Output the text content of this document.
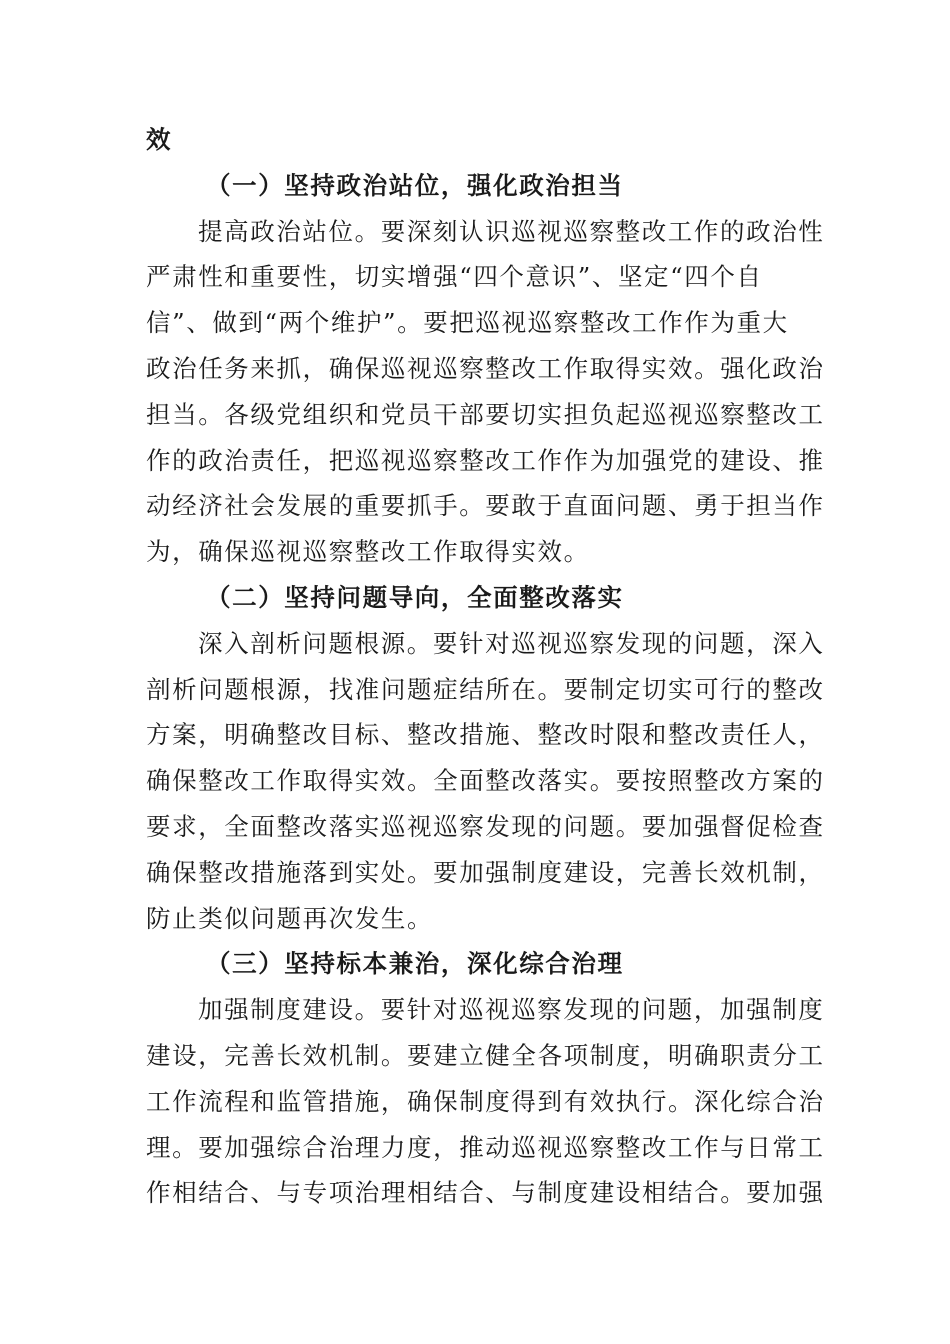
效
（一）坚持政治站位，强化政治担当
提高政治站位。要深刻认识巡视巡察整改工作的政治性
严肃性和重要性，切实增强“四个意识”、坚定“四个自
信”、做到“两个维护”。要把巡视巡察整改工作作为重大
政治任务来抓，确保巡视巡察整改工作取得实效。强化政治
担当。各级党组织和党员干部要切实担负起巡视巡察整改工
作的政治责任，把巡视巡察整改工作作为加强党的建设、推
动经济社会发展的重要抓手。要敢于直面问题、勇于担当作
为，确保巡视巡察整改工作取得实效。
（二）坚持问题导向，全面整改落实
深入剖析问题根源。要针对巡视巡察发现的问题，深入
剖析问题根源，找准问题症结所在。要制定切实可行的整改
方案，明确整改目标、整改措施、整改时限和整改责任人，
确保整改工作取得实效。全面整改落实。要按照整改方案的
要求，全面整改落实巡视巡察发现的问题。要加强督促检查
确保整改措施落到实处。要加强制度建设，完善长效机制，
防止类似问题再次发生。
（三）坚持标本兼治，深化综合治理
加强制度建设。要针对巡视巡察发现的问题，加强制度
建设，完善长效机制。要建立健全各项制度，明确职责分工
工作流程和监管措施，确保制度得到有效执行。深化综合治
理。要加强综合治理力度，推动巡视巡察整改工作与日常工
作相结合、与专项治理相结合、与制度建设相结合。要加强
